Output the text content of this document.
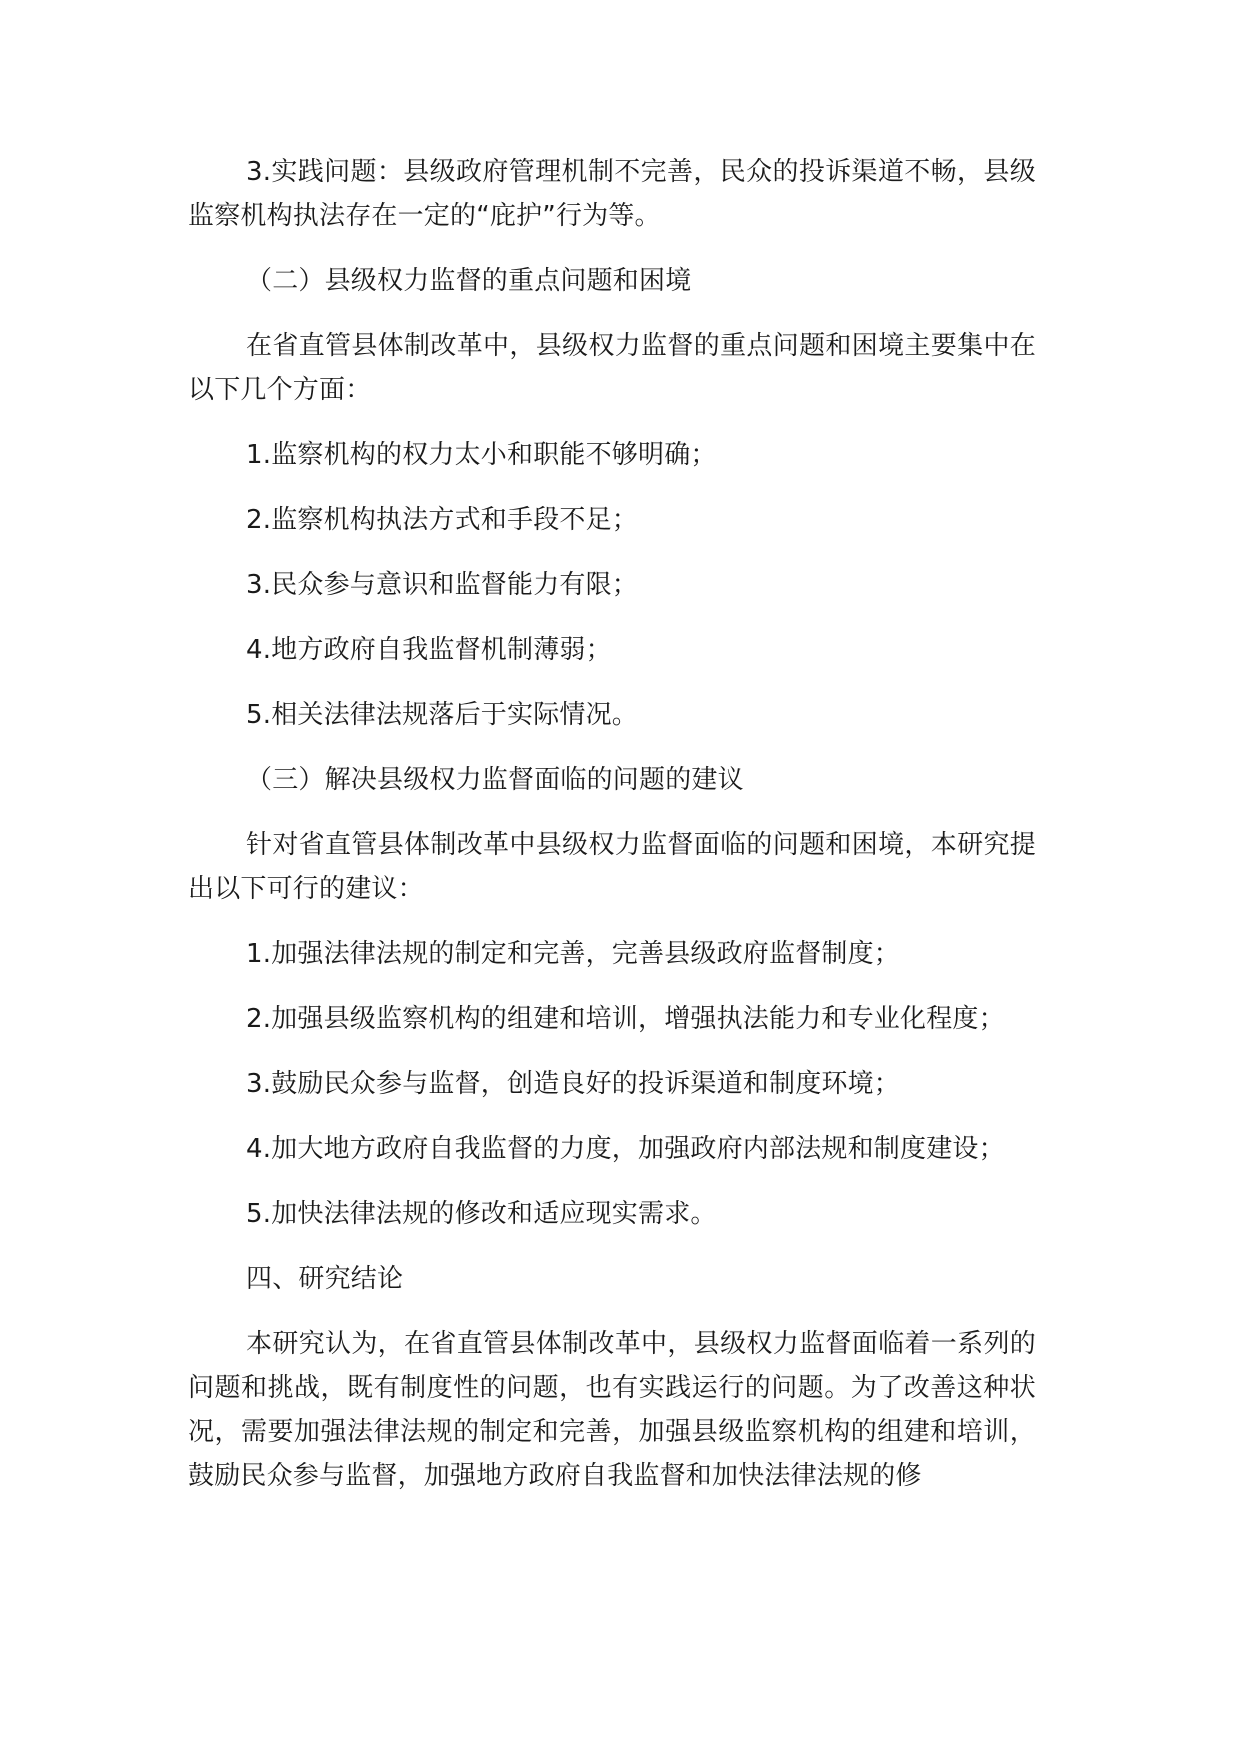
3.实践问题：县级政府管理机制不完善，民众的投诉渠道不畅，县级监察机构执法存在一定的“庇护”行为等。

（二）县级权力监督的重点问题和困境

在省直管县体制改革中，县级权力监督的重点问题和困境主要集中在以下几个方面：

1.监察机构的权力太小和职能不够明确；

2.监察机构执法方式和手段不足；

3.民众参与意识和监督能力有限；

4.地方政府自我监督机制薄弱；

5.相关法律法规落后于实际情况。

（三）解决县级权力监督面临的问题的建议

针对省直管县体制改革中县级权力监督面临的问题和困境，本研究提出以下可行的建议：

1.加强法律法规的制定和完善，完善县级政府监督制度；

2.加强县级监察机构的组建和培训，增强执法能力和专业化程度；

3.鼓励民众参与监督，创造良好的投诉渠道和制度环境；

4.加大地方政府自我监督的力度，加强政府内部法规和制度建设；

5.加快法律法规的修改和适应现实需求。

四、研究结论

本研究认为，在省直管县体制改革中，县级权力监督面临着一系列的问题和挑战，既有制度性的问题，也有实践运行的问题。为了改善这种状况，需要加强法律法规的制定和完善，加强县级监察机构的组建和培训，鼓励民众参与监督，加强地方政府自我监督和加快法律法规的修
